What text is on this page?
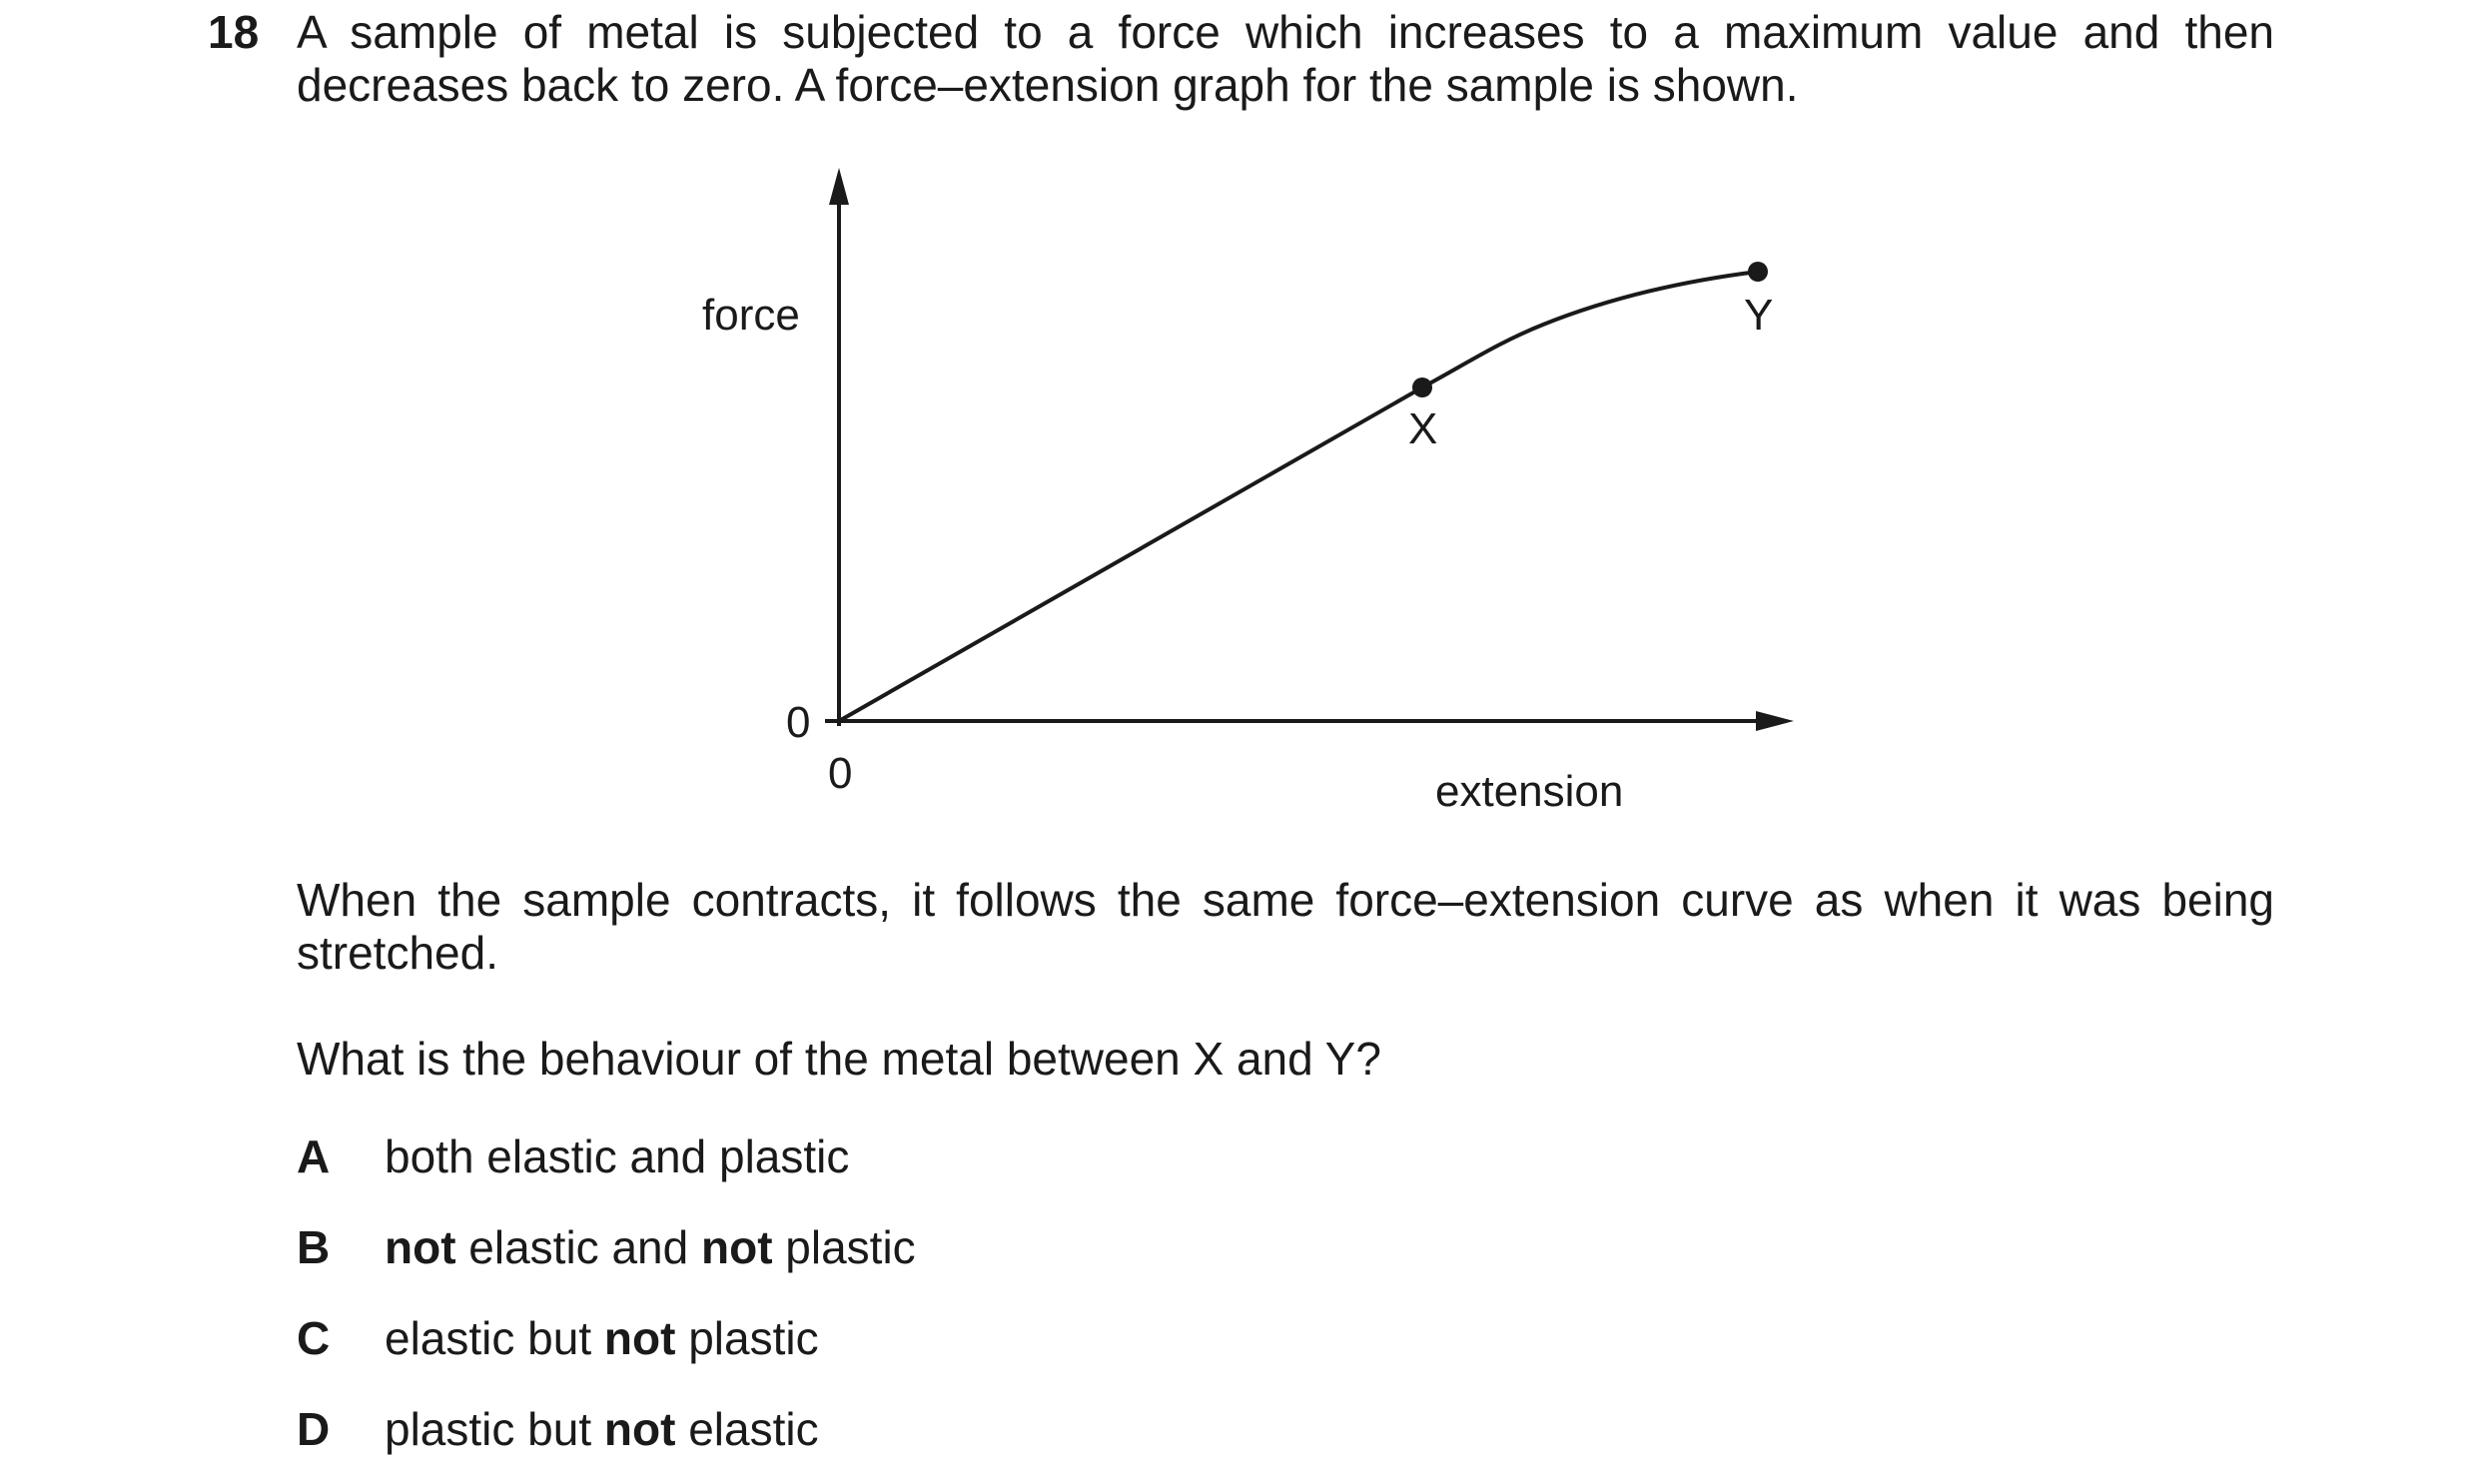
18 A sample of metal is subjected to a force which increases to a maximum value and then decreases back to zero. A force–extension graph for the sample is shown.
force
extension
0
0
X
Y
When the sample contracts, it follows the same force–extension curve as when it was being stretched.
What is the behaviour of the metal between X and Y?
A both elastic and plastic
B not elastic and not plastic
C elastic but not plastic
D plastic but not elastic
